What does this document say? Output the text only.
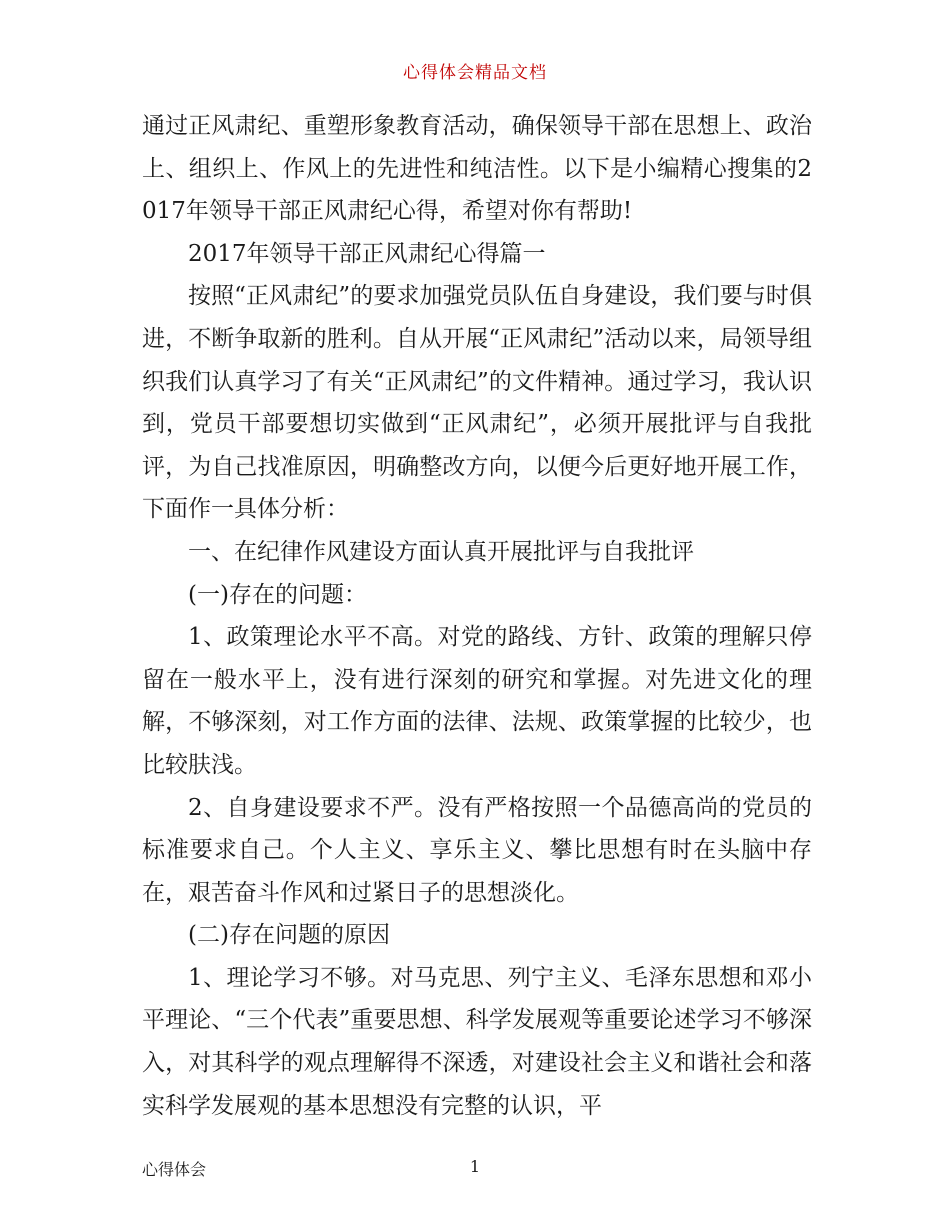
心得体会精品文档

通过正风肃纪、重塑形象教育活动，确保领导干部在思想上、政治上、组织上、作风上的先进性和纯洁性。以下是小编精心搜集的2017年领导干部正风肃纪心得，希望对你有帮助!

2017年领导干部正风肃纪心得篇一

按照“正风肃纪”的要求加强党员队伍自身建设，我们要与时俱进，不断争取新的胜利。自从开展“正风肃纪”活动以来，局领导组织我们认真学习了有关“正风肃纪”的文件精神。通过学习，我认识到，党员干部要想切实做到“正风肃纪”，必须开展批评与自我批评，为自己找准原因，明确整改方向，以便今后更好地开展工作，下面作一具体分析：

一、在纪律作风建设方面认真开展批评与自我批评

(一)存在的问题：

1、政策理论水平不高。对党的路线、方针、政策的理解只停留在一般水平上，没有进行深刻的研究和掌握。对先进文化的理解，不够深刻，对工作方面的法律、法规、政策掌握的比较少，也比较肤浅。

2、自身建设要求不严。没有严格按照一个品德高尚的党员的标准要求自己。个人主义、享乐主义、攀比思想有时在头脑中存在，艰苦奋斗作风和过紧日子的思想淡化。

(二)存在问题的原因

1、理论学习不够。对马克思、列宁主义、毛泽东思想和邓小平理论、“三个代表”重要思想、科学发展观等重要论述学习不够深入，对其科学的观点理解得不深透，对建设社会主义和谐社会和落实科学发展观的基本思想没有完整的认识，平

心得体会	1
